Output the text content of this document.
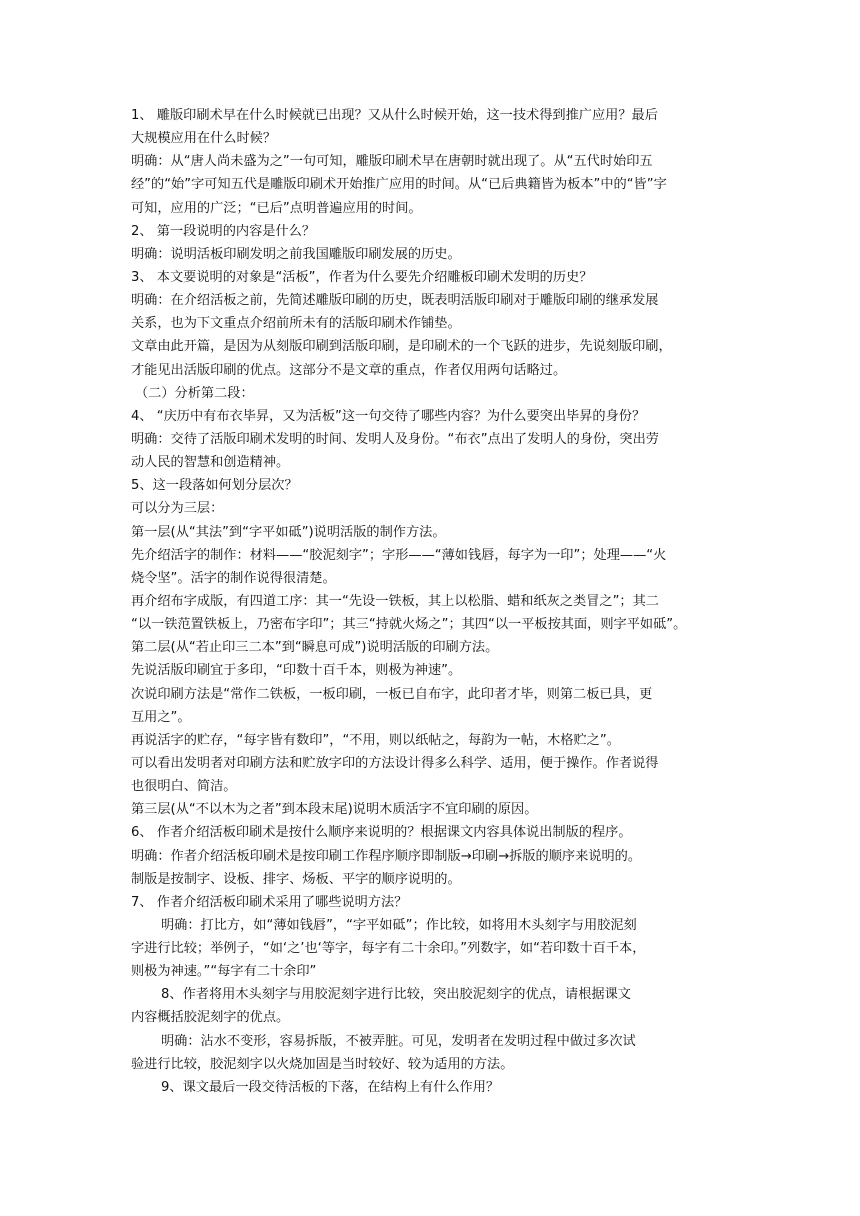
1、 雕版印刷术早在什么时候就已出现？又从什么时候开始，这一技术得到推广应用？最后
大规模应用在什么时候？
明确：从“唐人尚未盛为之”一句可知，雕版印刷术早在唐朝时就出现了。从“五代时始印五
经”的“始”字可知五代是雕版印刷术开始推广应用的时间。从“已后典籍皆为板本”中的“皆”字
可知，应用的广泛；“已后”点明普遍应用的时间。
2、 第一段说明的内容是什么？
明确：说明活板印刷发明之前我国雕版印刷发展的历史。
3、 本文要说明的对象是“活板”，作者为什么要先介绍雕板印刷术发明的历史？
明确：在介绍活板之前，先简述雕版印刷的历史，既表明活版印刷对于雕版印刷的继承发展
关系，也为下文重点介绍前所未有的活版印刷术作铺垫。
文章由此开篇，是因为从刻版印刷到活版印刷，是印刷术的一个飞跃的进步，先说刻版印刷，
才能见出活版印刷的优点。这部分不是文章的重点，作者仅用两句话略过。
（二）分析第二段：
4、 “庆历中有布衣毕昇，又为活板”这一句交待了哪些内容？为什么要突出毕昇的身份？
明确：交待了活版印刷术发明的时间、发明人及身份。“布衣”点出了发明人的身份，突出劳
动人民的智慧和创造精神。
5、这一段落如何划分层次？
可以分为三层：
第一层(从“其法”到“字平如砥”)说明活版的制作方法。
先介绍活字的制作：材料——“胶泥刻字”；字形——“薄如钱唇，每字为一印”；处理——“火
烧令坚”。活字的制作说得很清楚。
再介绍布字成版，有四道工序：其一“先设一铁板，其上以松脂、蜡和纸灰之类冒之”；其二
“以一铁范置铁板上，乃密布字印”；其三“持就火炀之”；其四“以一平板按其面，则字平如砥”。
第二层(从“若止印三二本”到“瞬息可成”)说明活版的印刷方法。
先说活版印刷宜于多印，“印数十百千本，则极为神速”。
次说印刷方法是“常作二铁板，一板印刷，一板已自布字，此印者才毕，则第二板已具，更
互用之”。
再说活字的贮存，“每字皆有数印”，“不用，则以纸帖之，每韵为一帖，木格贮之”。
可以看出发明者对印刷方法和贮放字印的方法设计得多么科学、适用，便于操作。作者说得
也很明白、简洁。
第三层(从“不以木为之者”到本段末尾)说明木质活字不宜印刷的原因。
6、 作者介绍活板印刷术是按什么顺序来说明的？根据课文内容具体说出制版的程序。
明确：作者介绍活板印刷术是按印刷工作程序顺序即制版→印刷→拆版的顺序来说明的。
制版是按制字、设板、排字、炀板、平字的顺序说明的。
7、 作者介绍活板印刷术采用了哪些说明方法？
明确：打比方，如“薄如钱唇”，“字平如砥”；作比较，如将用木头刻字与用胶泥刻
字进行比较；举例子，“如‘之’也‘等字，每字有二十余印。”列数字，如“若印数十百千本，
则极为神速。”“每字有二十余印”
8、作者将用木头刻字与用胶泥刻字进行比较，突出胶泥刻字的优点，请根据课文
内容概括胶泥刻字的优点。
明确：沾水不变形，容易拆版，不被弄脏。可见，发明者在发明过程中做过多次试
验进行比较，胶泥刻字以火烧加固是当时较好、较为适用的方法。
9、课文最后一段交待活板的下落，在结构上有什么作用？
